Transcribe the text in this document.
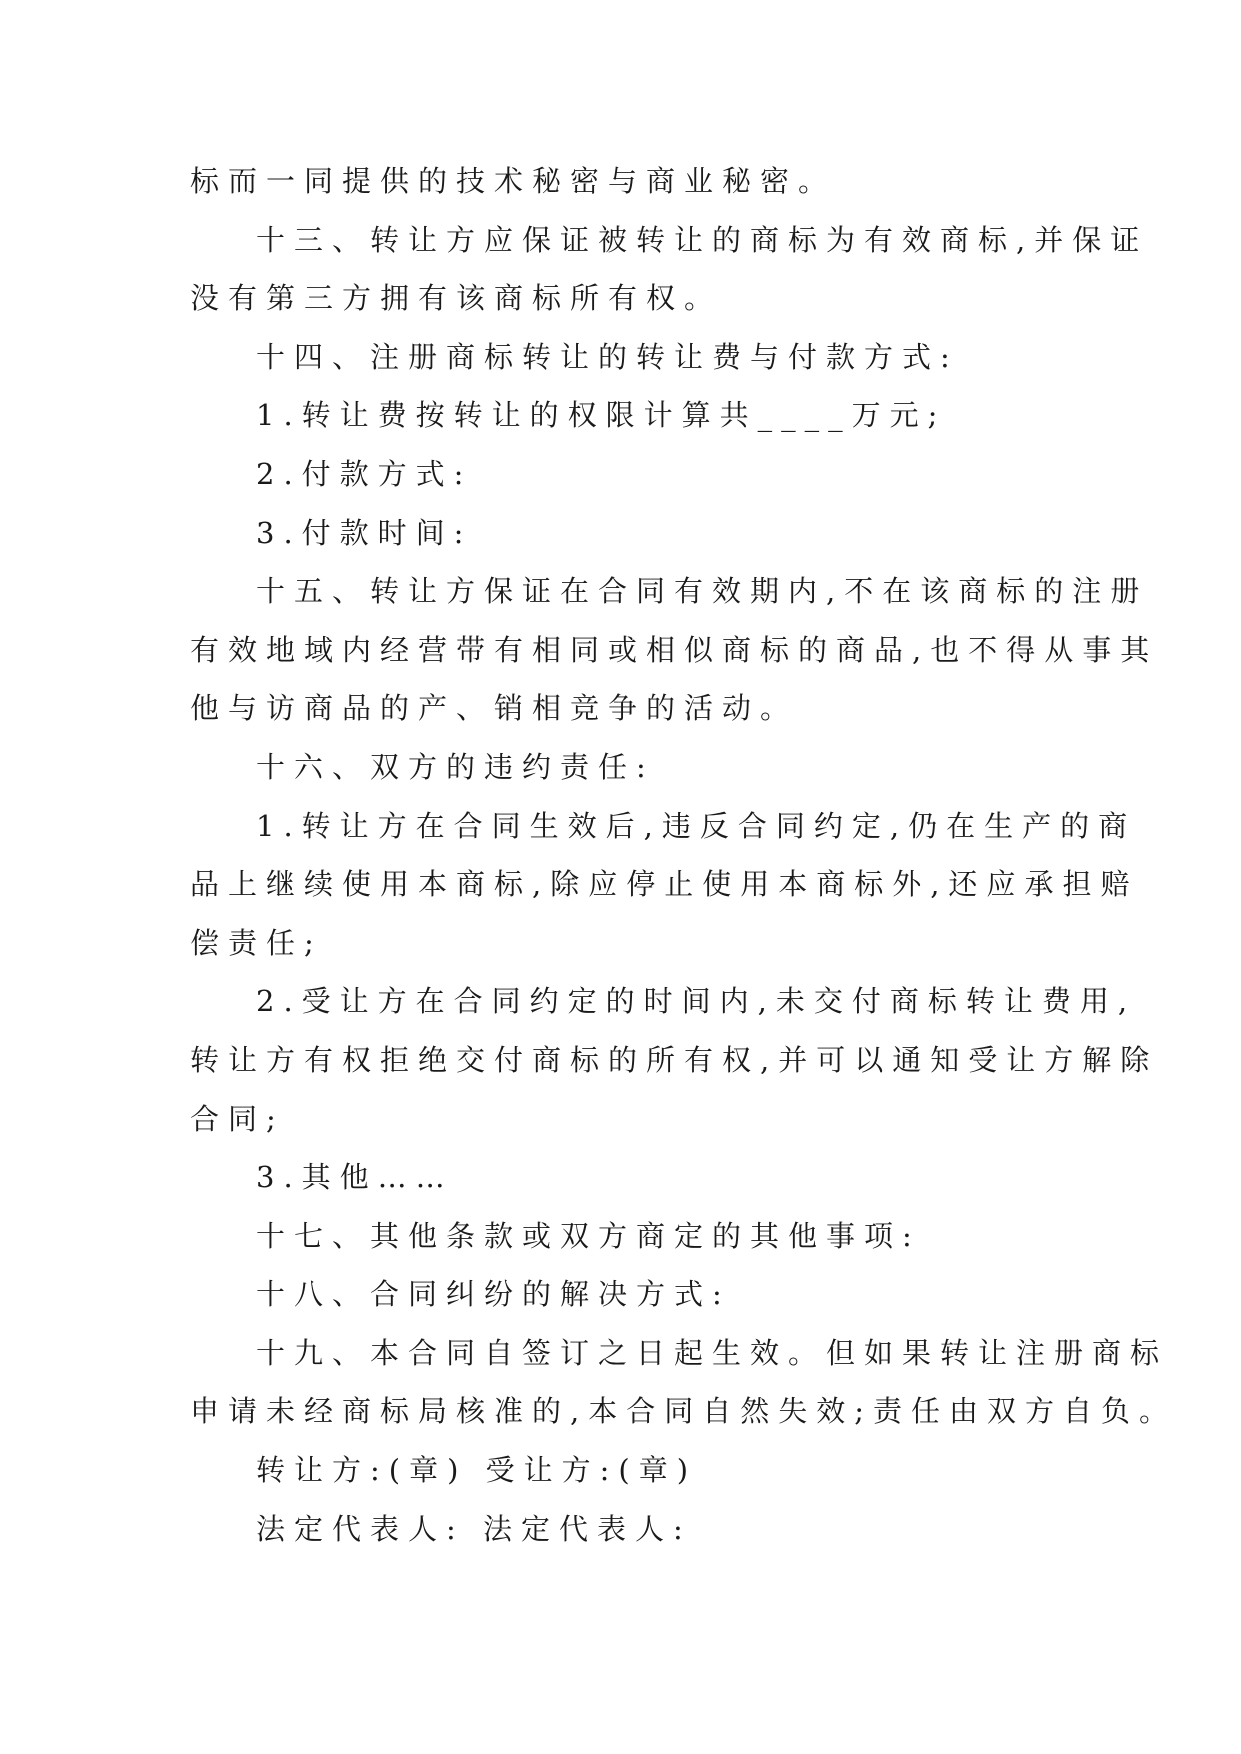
标而一同提供的技术秘密与商业秘密。

十三、转让方应保证被转让的商标为有效商标,并保证

没有第三方拥有该商标所有权。

十四、注册商标转让的转让费与付款方式:

1.转让费按转让的权限计算共____万元;

2.付款方式:

3.付款时间:

十五、转让方保证在合同有效期内,不在该商标的注册

有效地域内经营带有相同或相似商标的商品,也不得从事其

他与访商品的产、销相竞争的活动。

十六、双方的违约责任:

1.转让方在合同生效后,违反合同约定,仍在生产的商

品上继续使用本商标,除应停止使用本商标外,还应承担赔

偿责任;

2.受让方在合同约定的时间内,未交付商标转让费用,

转让方有权拒绝交付商标的所有权,并可以通知受让方解除

合同;

3.其他……

十七、其他条款或双方商定的其他事项:

十八、合同纠纷的解决方式:

十九、本合同自签订之日起生效。但如果转让注册商标

申请未经商标局核准的,本合同自然失效;责任由双方自负。

转让方:(章) 受让方:(章)

法定代表人: 法定代表人:
